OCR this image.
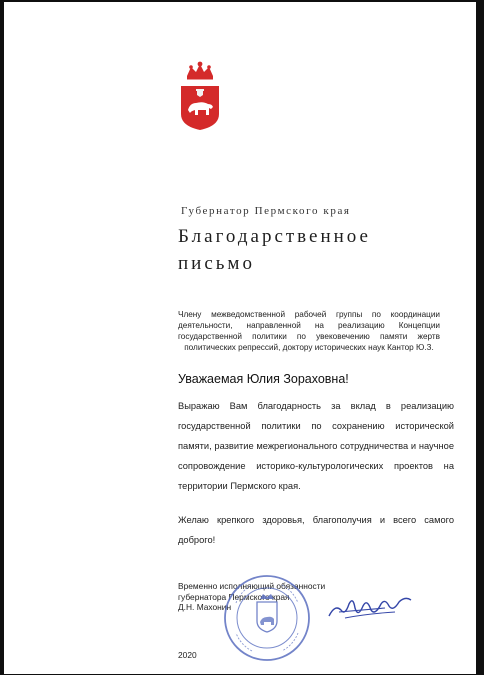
Губернатор Пермского края
Благодарственное
письмо
Члену межведомственной рабочей группы по координации деятельности, направленной на реализацию Концепции государственной политики по увековечению памяти жертв политических репрессий, доктору исторических наук Кантор Ю.З.
Уважаемая Юлия Зораховна!
Выражаю Вам благодарность за вклад в реализацию государственной политики по сохранению исторической памяти, развитие межрегионального сотрудничества и научное сопровождение историко-культурологических проектов на территории Пермского края.
Желаю крепкого здоровья, благополучия и всего самого доброго!
Временно исполняющий обязанности
губернатора Пермского края
Д.Н. Махонин
2020
